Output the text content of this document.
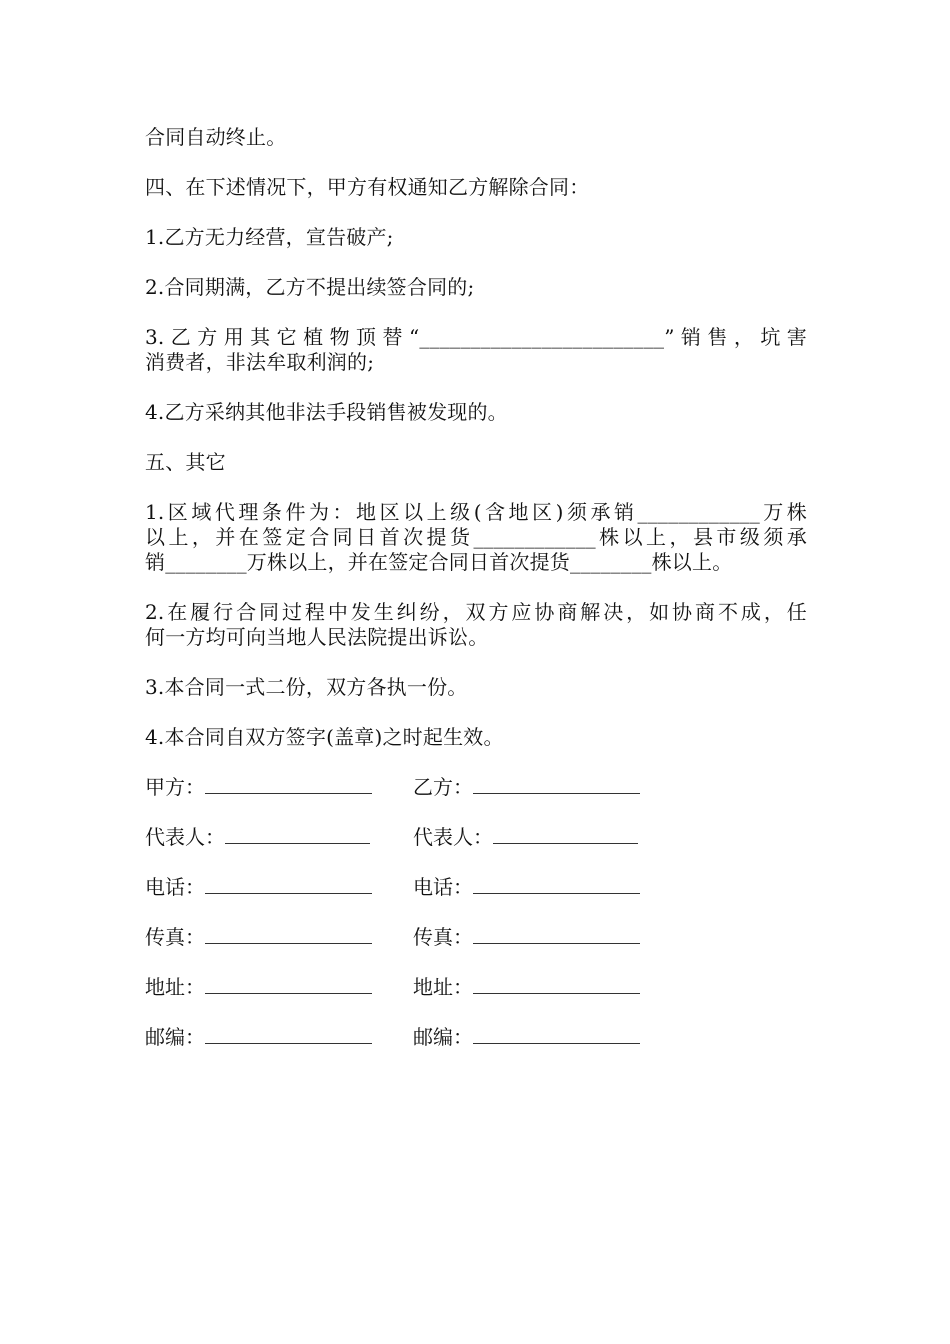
合同自动终止。
四、在下述情况下，甲方有权通知乙方解除合同：
1.乙方无力经营，宣告破产;
2.合同期满，乙方不提出续签合同的;
3.乙方用其它植物顶替“________________________”销售，坑害
消费者，非法牟取利润的;
4.乙方采纳其他非法手段销售被发现的。
五、其它
1.区域代理条件为：地区以上级(含地区)须承销____________万株
以上，并在签定合同日首次提货____________株以上，县市级须承
销________万株以上，并在签定合同日首次提货________株以上。
2.在履行合同过程中发生纠纷，双方应协商解决，如协商不成，任
何一方均可向当地人民法院提出诉讼。
3.本合同一式二份，双方各执一份。
4.本合同自双方签字(盖章)之时起生效。
甲方：
代表人：
电话：
传真：
地址：
邮编：
乙方：
代表人：
电话：
传真：
地址：
邮编：
